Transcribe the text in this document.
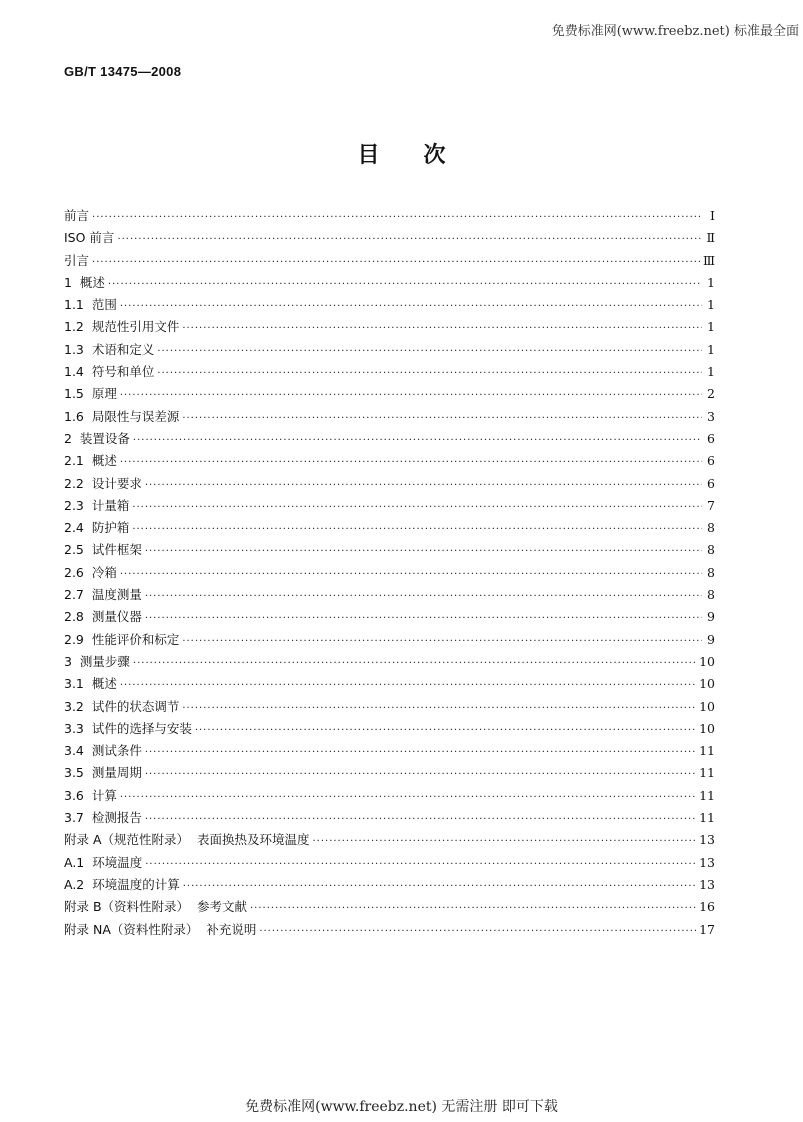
免费标准网(www.freebz.net) 标准最全面
GB/T 13475—2008
目次
前言 ·····	Ⅰ
ISO 前言 ·····	Ⅱ
引言 ·····	Ⅲ
1  概述 ·····	1
1.1  范围 ·····	1
1.2  规范性引用文件 ·····	1
1.3  术语和定义 ·····	1
1.4  符号和单位 ·····	1
1.5  原理 ·····	2
1.6  局限性与误差源 ·····	3
2  装置设备 ·····	6
2.1  概述 ·····	6
2.2  设计要求 ·····	6
2.3  计量箱 ·····	7
2.4  防护箱 ·····	8
2.5  试件框架 ·····	8
2.6  冷箱 ·····	8
2.7  温度测量 ·····	8
2.8  测量仪器 ·····	9
2.9  性能评价和标定 ·····	9
3  测量步骤 ·····	10
3.1  概述 ·····	10
3.2  试件的状态调节 ·····	10
3.3  试件的选择与安装 ·····	10
3.4  测试条件 ·····	11
3.5  测量周期 ·····	11
3.6  计算 ·····	11
3.7  检测报告 ·····	11
附录 A（规范性附录）  表面换热及环境温度 ·····	13
A.1  环境温度 ·····	13
A.2  环境温度的计算 ·····	13
附录 B（资料性附录）  参考文献 ·····	16
附录 NA（资料性附录）  补充说明 ·····	17
免费标准网(www.freebz.net) 无需注册 即可下载
